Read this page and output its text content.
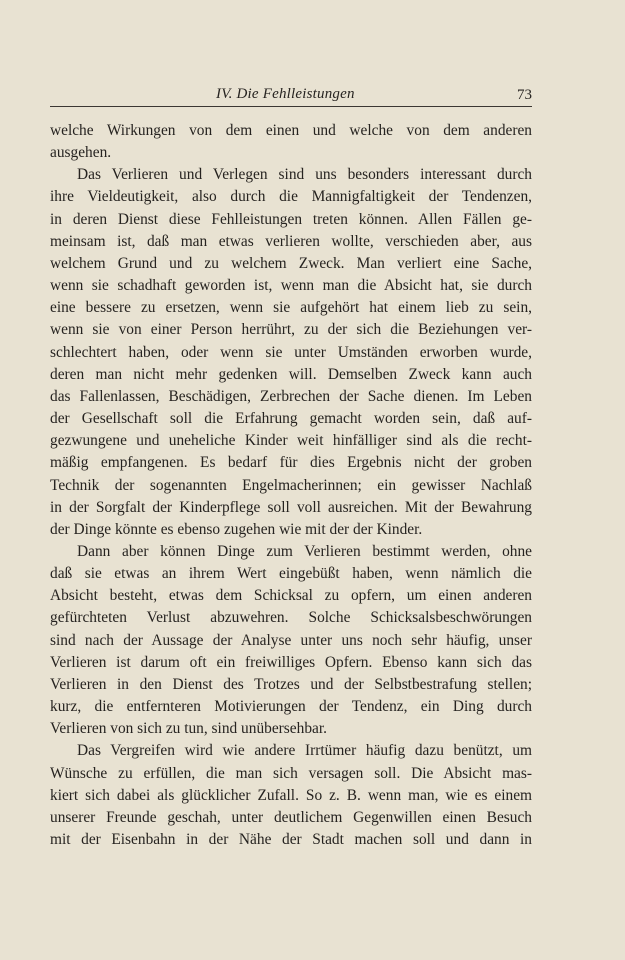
IV. Die Fehlleistungen	73
welche Wirkungen von dem einen und welche von dem anderen
ausgehen.
Das Verlieren und Verlegen sind uns besonders interessant durch
ihre Vieldeutigkeit, also durch die Mannigfaltigkeit der Tendenzen,
in deren Dienst diese Fehlleistungen treten können. Allen Fällen ge-
meinsam ist, daß man etwas verlieren wollte, verschieden aber, aus
welchem Grund und zu welchem Zweck. Man verliert eine Sache,
wenn sie schadhaft geworden ist, wenn man die Absicht hat, sie durch
eine bessere zu ersetzen, wenn sie aufgehört hat einem lieb zu sein,
wenn sie von einer Person herrührt, zu der sich die Beziehungen ver-
schlechtert haben, oder wenn sie unter Umständen erworben wurde,
deren man nicht mehr gedenken will. Demselben Zweck kann auch
das Fallenlassen, Beschädigen, Zerbrechen der Sache dienen. Im Leben
der Gesellschaft soll die Erfahrung gemacht worden sein, daß auf-
gezwungene und uneheliche Kinder weit hinfälliger sind als die recht-
mäßig empfangenen. Es bedarf für dies Ergebnis nicht der groben
Technik der sogenannten Engelmacherinnen; ein gewisser Nachlaß
in der Sorgfalt der Kinderpflege soll voll ausreichen. Mit der Bewahrung
der Dinge könnte es ebenso zugehen wie mit der der Kinder.
Dann aber können Dinge zum Verlieren bestimmt werden, ohne
daß sie etwas an ihrem Wert eingebüßt haben, wenn nämlich die
Absicht besteht, etwas dem Schicksal zu opfern, um einen anderen
gefürchteten Verlust abzuwehren. Solche Schicksalsbeschwörungen
sind nach der Aussage der Analyse unter uns noch sehr häufig, unser
Verlieren ist darum oft ein freiwilliges Opfern. Ebenso kann sich das
Verlieren in den Dienst des Trotzes und der Selbstbestrafung stellen;
kurz, die entfernteren Motivierungen der Tendenz, ein Ding durch
Verlieren von sich zu tun, sind unübersehbar.
Das Vergreifen wird wie andere Irrtümer häufig dazu benützt, um
Wünsche zu erfüllen, die man sich versagen soll. Die Absicht mas-
kiert sich dabei als glücklicher Zufall. So z. B. wenn man, wie es einem
unserer Freunde geschah, unter deutlichem Gegenwillen einen Besuch
mit der Eisenbahn in der Nähe der Stadt machen soll und dann in
